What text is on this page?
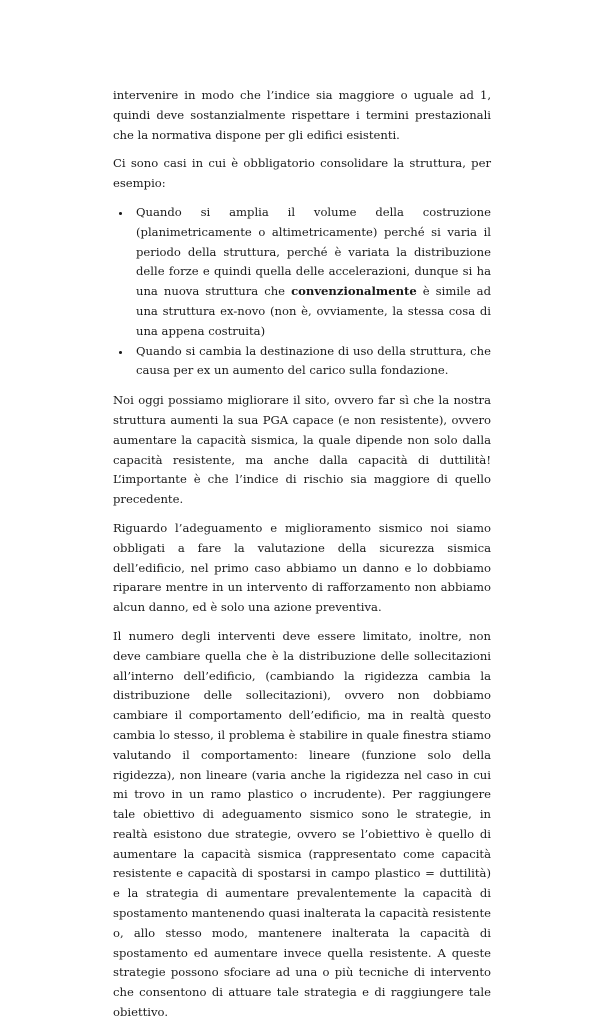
intervenire in modo che l’indice sia maggiore o uguale ad 1, quindi deve sostanzialmente rispettare i termini prestazionali che la normativa dispone per gli edifici esistenti.

Ci sono casi in cui è obbligatorio consolidare la struttura, per esempio:

• Quando si amplia il volume della costruzione (planimetricamente o altimetricamente) perché si varia il periodo della struttura, perché è variata la distribuzione delle forze e quindi quella delle accelerazioni, dunque si ha una nuova struttura che convenzionalmente è simile ad una struttura ex-novo (non è, ovviamente, la stessa cosa di una appena costruita)
• Quando si cambia la destinazione di uso della struttura, che causa per ex un aumento del carico sulla fondazione.

Noi oggi possiamo migliorare il sito, ovvero far sì che la nostra struttura aumenti la sua PGA capace (e non resistente), ovvero aumentare la capacità sismica, la quale dipende non solo dalla capacità resistente, ma anche dalla capacità di duttilità! L’importante è che l’indice di rischio sia maggiore di quello precedente.

Riguardo l’adeguamento e miglioramento sismico noi siamo obbligati a fare la valutazione della sicurezza sismica dell’edificio, nel primo caso abbiamo un danno e lo dobbiamo riparare mentre in un intervento di rafforzamento non abbiamo alcun danno, ed è solo una azione preventiva.

Il numero degli interventi deve essere limitato, inoltre, non deve cambiare quella che è la distribuzione delle sollecitazioni all’interno dell’edificio, (cambiando la rigidezza cambia la distribuzione delle sollecitazioni), ovvero non dobbiamo cambiare il comportamento dell’edificio, ma in realtà questo cambia lo stesso, il problema è stabilire in quale finestra stiamo valutando il comportamento: lineare (funzione solo della rigidezza), non lineare (varia anche la rigidezza nel caso in cui mi trovo in un ramo plastico o incrudente). Per raggiungere tale obiettivo di adeguamento sismico sono le strategie, in realtà esistono due strategie, ovvero se l’obiettivo è quello di aumentare la capacità sismica (rappresentato come capacità resistente e capacità di spostarsi in campo plastico = duttilità) e la strategia di aumentare prevalentemente la capacità di spostamento mantenendo quasi inalterata la capacità resistente o, allo stesso modo, mantenere inalterata la capacità di spostamento ed aumentare invece quella resistente. A queste strategie possono sfociare ad una o più tecniche di intervento che consentono di attuare tale strategia e di raggiungere tale obiettivo.
